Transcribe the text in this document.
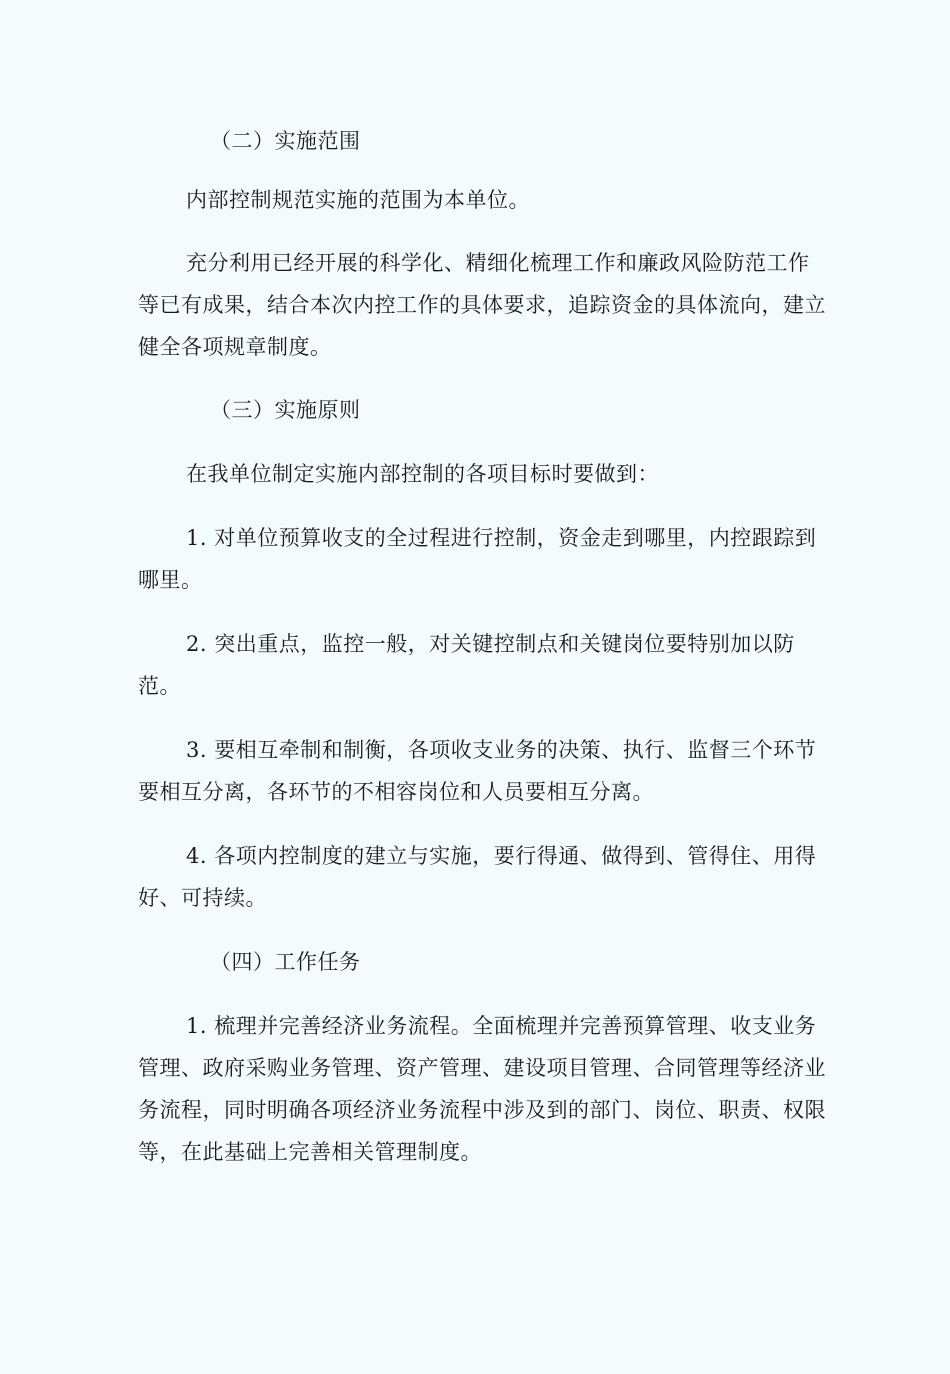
（二）实施范围

内部控制规范实施的范围为本单位。

充分利用已经开展的科学化、精细化梳理工作和廉政风险防范工作等已有成果，结合本次内控工作的具体要求，追踪资金的具体流向，建立健全各项规章制度。

（三）实施原则

在我单位制定实施内部控制的各项目标时要做到：

1. 对单位预算收支的全过程进行控制，资金走到哪里，内控跟踪到哪里。

2. 突出重点，监控一般，对关键控制点和关键岗位要特别加以防范。

3. 要相互牵制和制衡，各项收支业务的决策、执行、监督三个环节要相互分离，各环节的不相容岗位和人员要相互分离。

4. 各项内控制度的建立与实施，要行得通、做得到、管得住、用得好、可持续。

（四）工作任务

1. 梳理并完善经济业务流程。全面梳理并完善预算管理、收支业务管理、政府采购业务管理、资产管理、建设项目管理、合同管理等经济业务流程，同时明确各项经济业务流程中涉及到的部门、岗位、职责、权限等，在此基础上完善相关管理制度。
